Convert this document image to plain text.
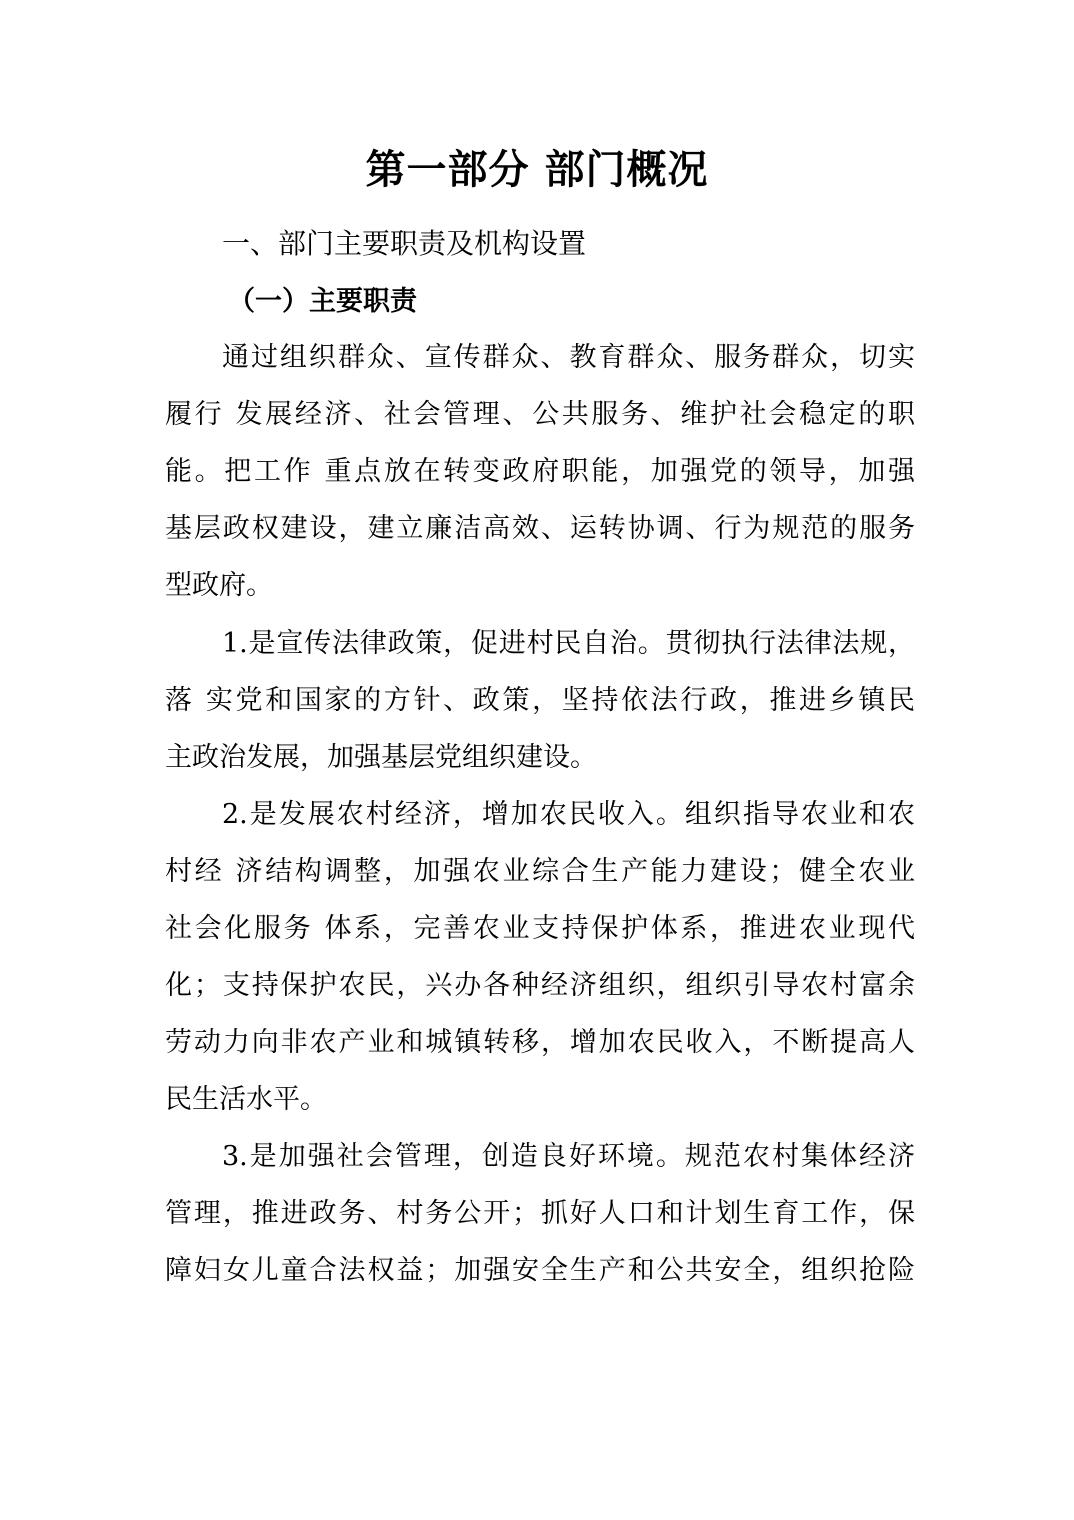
第一部分 部门概况
一、部门主要职责及机构设置
（一）主要职责
通过组织群众、宣传群众、教育群众、服务群众，切实
履行 发展经济、社会管理、公共服务、维护社会稳定的职
能。把工作 重点放在转变政府职能，加强党的领导，加强
基层政权建设，建立廉洁高效、运转协调、行为规范的服务
型政府。
1.是宣传法律政策，促进村民自治。贯彻执行法律法规，
落 实党和国家的方针、政策，坚持依法行政，推进乡镇民
主政治发展，加强基层党组织建设。
2.是发展农村经济，增加农民收入。组织指导农业和农
村经 济结构调整，加强农业综合生产能力建设；健全农业
社会化服务 体系，完善农业支持保护体系，推进农业现代
化；支持保护农民，兴办各种经济组织，组织引导农村富余
劳动力向非农产业和城镇转移，增加农民收入，不断提高人
民生活水平。
3.是加强社会管理，创造良好环境。规范农村集体经济
管理，推进政务、村务公开；抓好人口和计划生育工作，保
障妇女儿童合法权益；加强安全生产和公共安全，组织抢险
